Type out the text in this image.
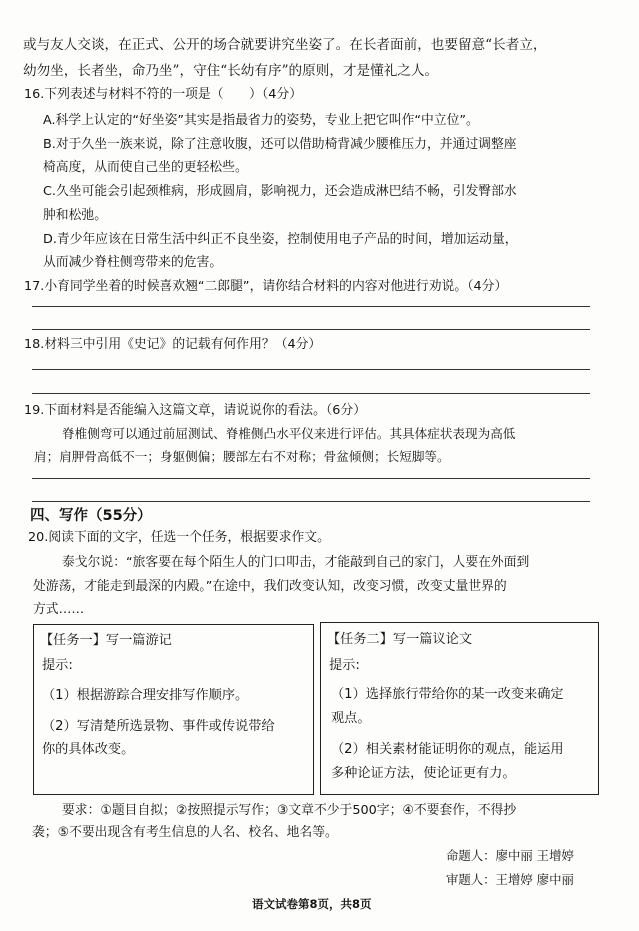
或与友人交谈，在正式、公开的场合就要讲究坐姿了。在长者面前，也要留意“长者立，
幼勿坐，长者坐，命乃坐”，守住“长幼有序”的原则，才是懂礼之人。
16.下列表述与材料不符的一项是（　　）（4分）
A.科学上认定的“好坐姿”其实是指最省力的姿势，专业上把它叫作“中立位”。
B.对于久坐一族来说，除了注意收腹，还可以借助椅背减少腰椎压力，并通过调整座
椅高度，从而使自己坐的更轻松些。
C.久坐可能会引起颈椎病，形成圆肩，影响视力，还会造成淋巴结不畅，引发臀部水
肿和松弛。
D.青少年应该在日常生活中纠正不良坐姿，控制使用电子产品的时间，增加运动量，
从而减少脊柱侧弯带来的危害。
17.小育同学坐着的时候喜欢翘“二郎腿”，请你结合材料的内容对他进行劝说。（4分）
18.材料三中引用《史记》的记载有何作用？（4分）
19.下面材料是否能编入这篇文章，请说说你的看法。（6分）
脊椎侧弯可以通过前屈测试、脊椎侧凸水平仪来进行评估。其具体症状表现为高低
肩；肩胛骨高低不一；身躯侧偏；腰部左右不对称；骨盆倾侧；长短脚等。
四、写作（55分）
20.阅读下面的文字，任选一个任务，根据要求作文。
泰戈尔说：“旅客要在每个陌生人的门口叩击，才能敲到自己的家门，人要在外面到
处游荡，才能走到最深的内殿。”在途中，我们改变认知，改变习惯，改变丈量世界的
方式……
【任务一】写一篇游记
提示:
（1）根据游踪合理安排写作顺序。
（2）写清楚所选景物、事件或传说带给
你的具体改变。
【任务二】写一篇议论文
提示:
（1）选择旅行带给你的某一改变来确定
观点。
（2）相关素材能证明你的观点，能运用
多种论证方法，使论证更有力。
要求：①题目自拟；②按照提示写作；③文章不少于500字；④不要套作，不得抄
袭；⑤不要出现含有考生信息的人名、校名、地名等。
命题人：廖中丽 王增婷
审题人：王增婷 廖中丽
语文试卷第8页，共8页
